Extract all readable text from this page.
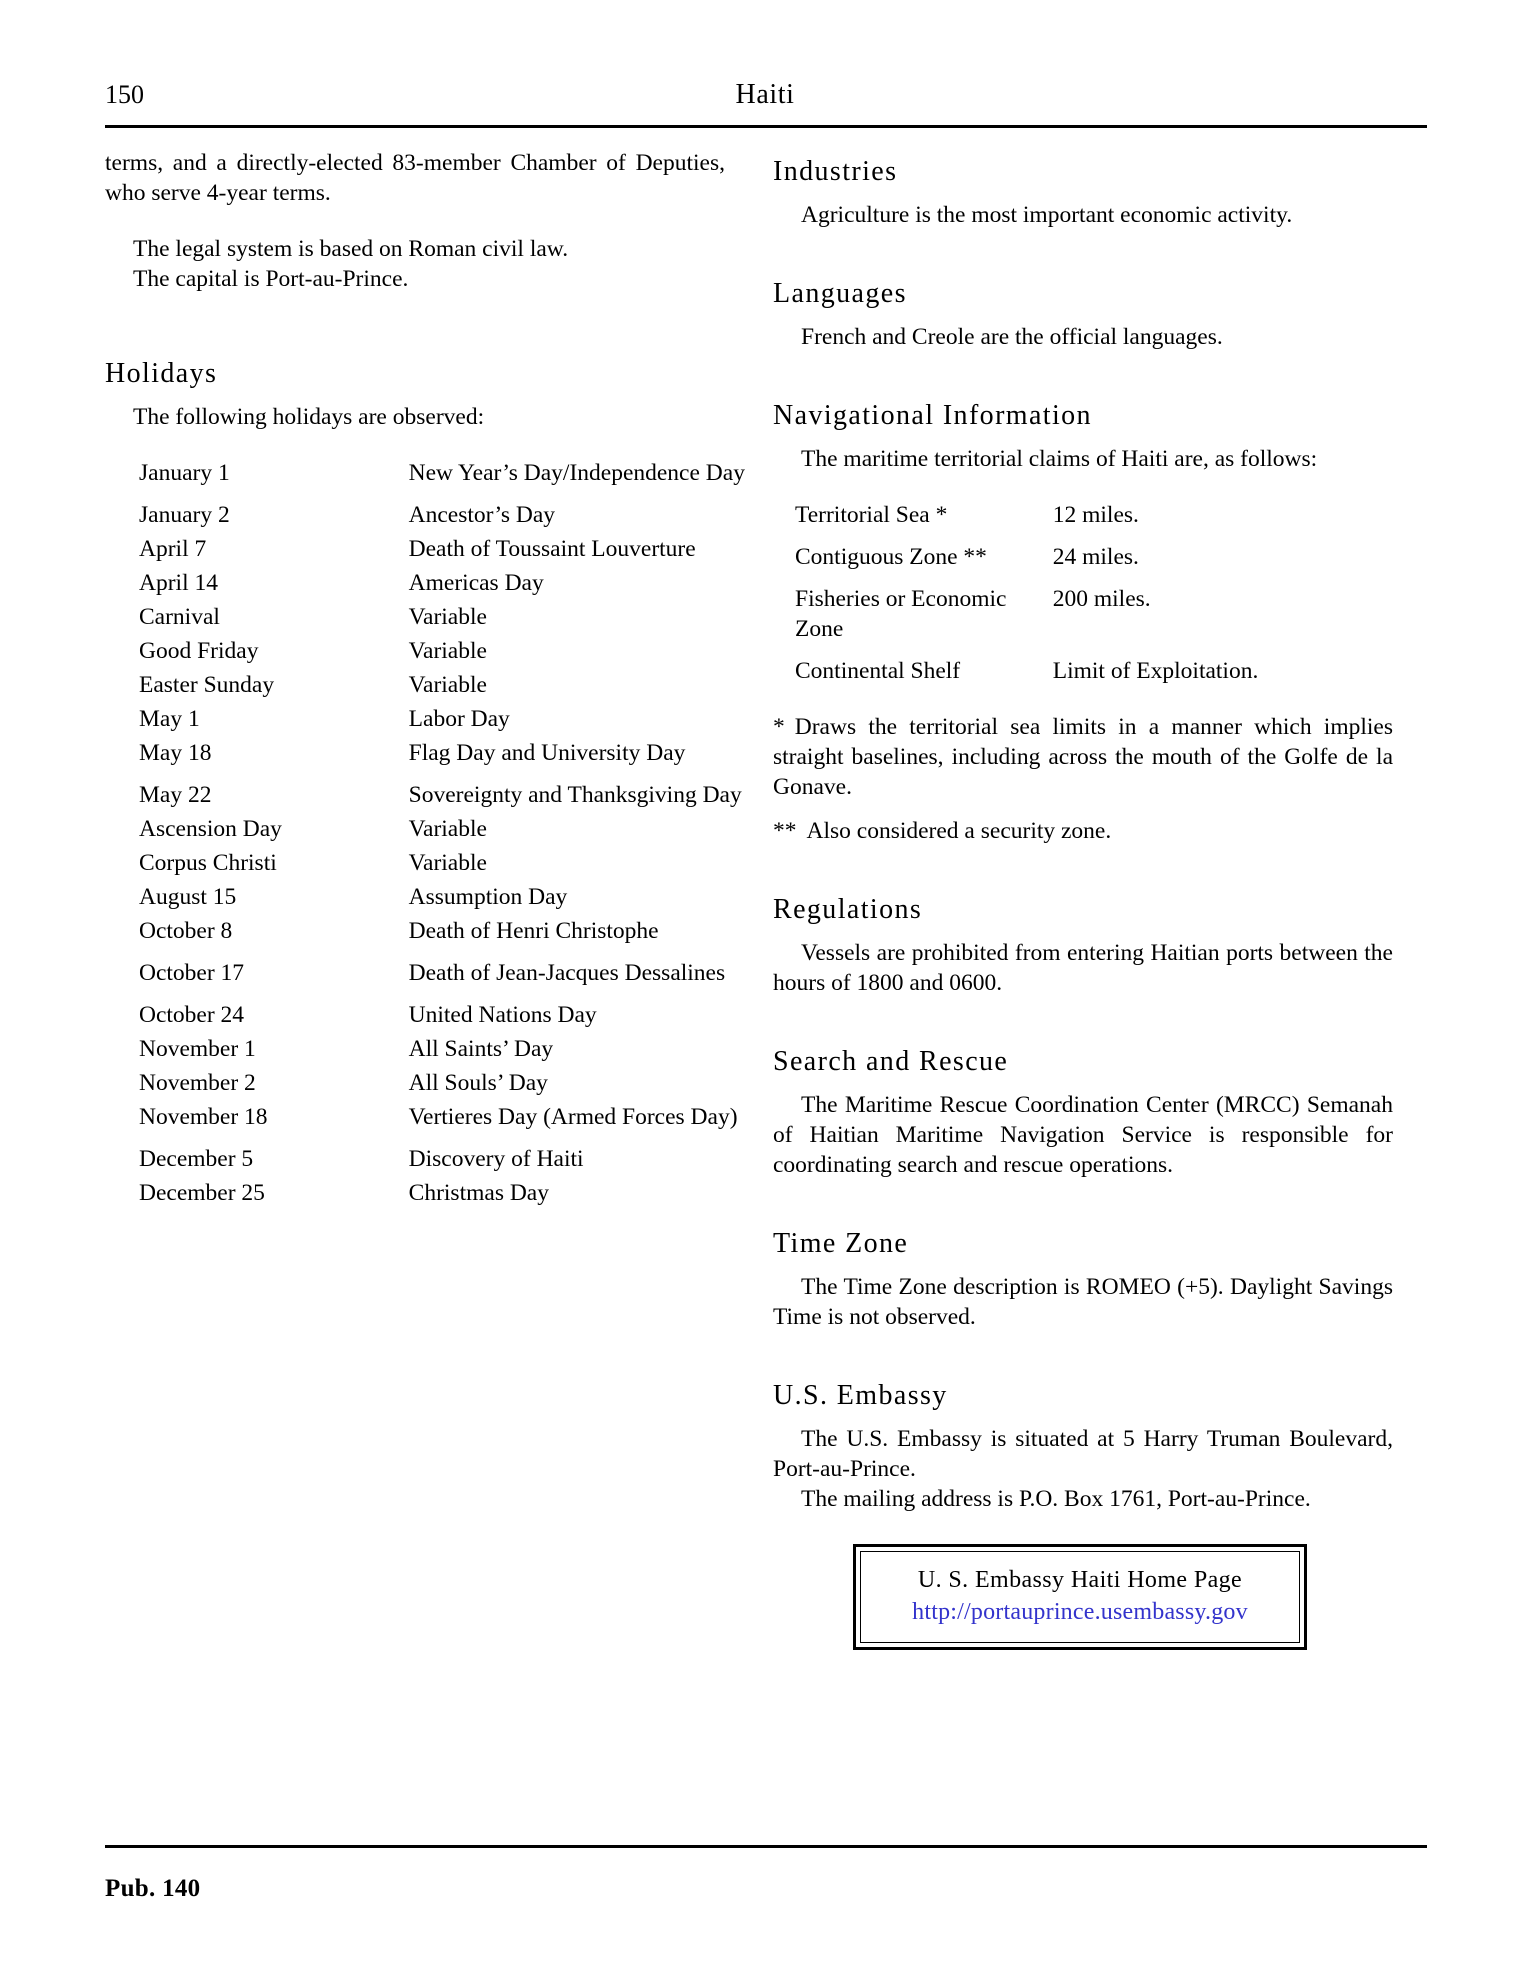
150	Haiti

terms, and a directly-elected 83-member Chamber of Deputies, who serve 4-year terms.

The legal system is based on Roman civil law.

The capital is Port-au-Prince.

Holidays

The following holidays are observed:

January 1	New Year’s Day/Independence Day
January 2	Ancestor’s Day
April 7	Death of Toussaint Louverture
April 14	Americas Day
Carnival	Variable
Good Friday	Variable
Easter Sunday	Variable
May 1	Labor Day
May 18	Flag Day and University Day
May 22	Sovereignty and Thanksgiving Day
Ascension Day	Variable
Corpus Christi	Variable
August 15	Assumption Day
October 8	Death of Henri Christophe
October 17	Death of Jean-Jacques Dessalines
October 24	United Nations Day
November 1	All Saints’ Day
November 2	All Souls’ Day
November 18	Vertieres Day (Armed Forces Day)
December 5	Discovery of Haiti
December 25	Christmas Day
Industries

Agriculture is the most important economic activity.

Languages

French and Creole are the official languages.

Navigational Information

The maritime territorial claims of Haiti are, as follows:

Territorial Sea *	12 miles.
Contiguous Zone **	24 miles.
Fisheries or Economic Zone	200 miles.
Continental Shelf	Limit of Exploitation.

* Draws the territorial sea limits in a manner which implies straight baselines, including across the mouth of the Golfe de la Gonave.

** Also considered a security zone.

Regulations

Vessels are prohibited from entering Haitian ports between the hours of 1800 and 0600.

Search and Rescue

The Maritime Rescue Coordination Center (MRCC) Semanah of Haitian Maritime Navigation Service is responsible for coordinating search and rescue operations.

Time Zone

The Time Zone description is ROMEO (+5). Daylight Savings Time is not observed.

U.S. Embassy

The U.S. Embassy is situated at 5 Harry Truman Boulevard, Port-au-Prince.

The mailing address is P.O. Box 1761, Port-au-Prince.

U. S. Embassy Haiti Home Page
http://portauprince.usembassy.gov
Pub. 140
